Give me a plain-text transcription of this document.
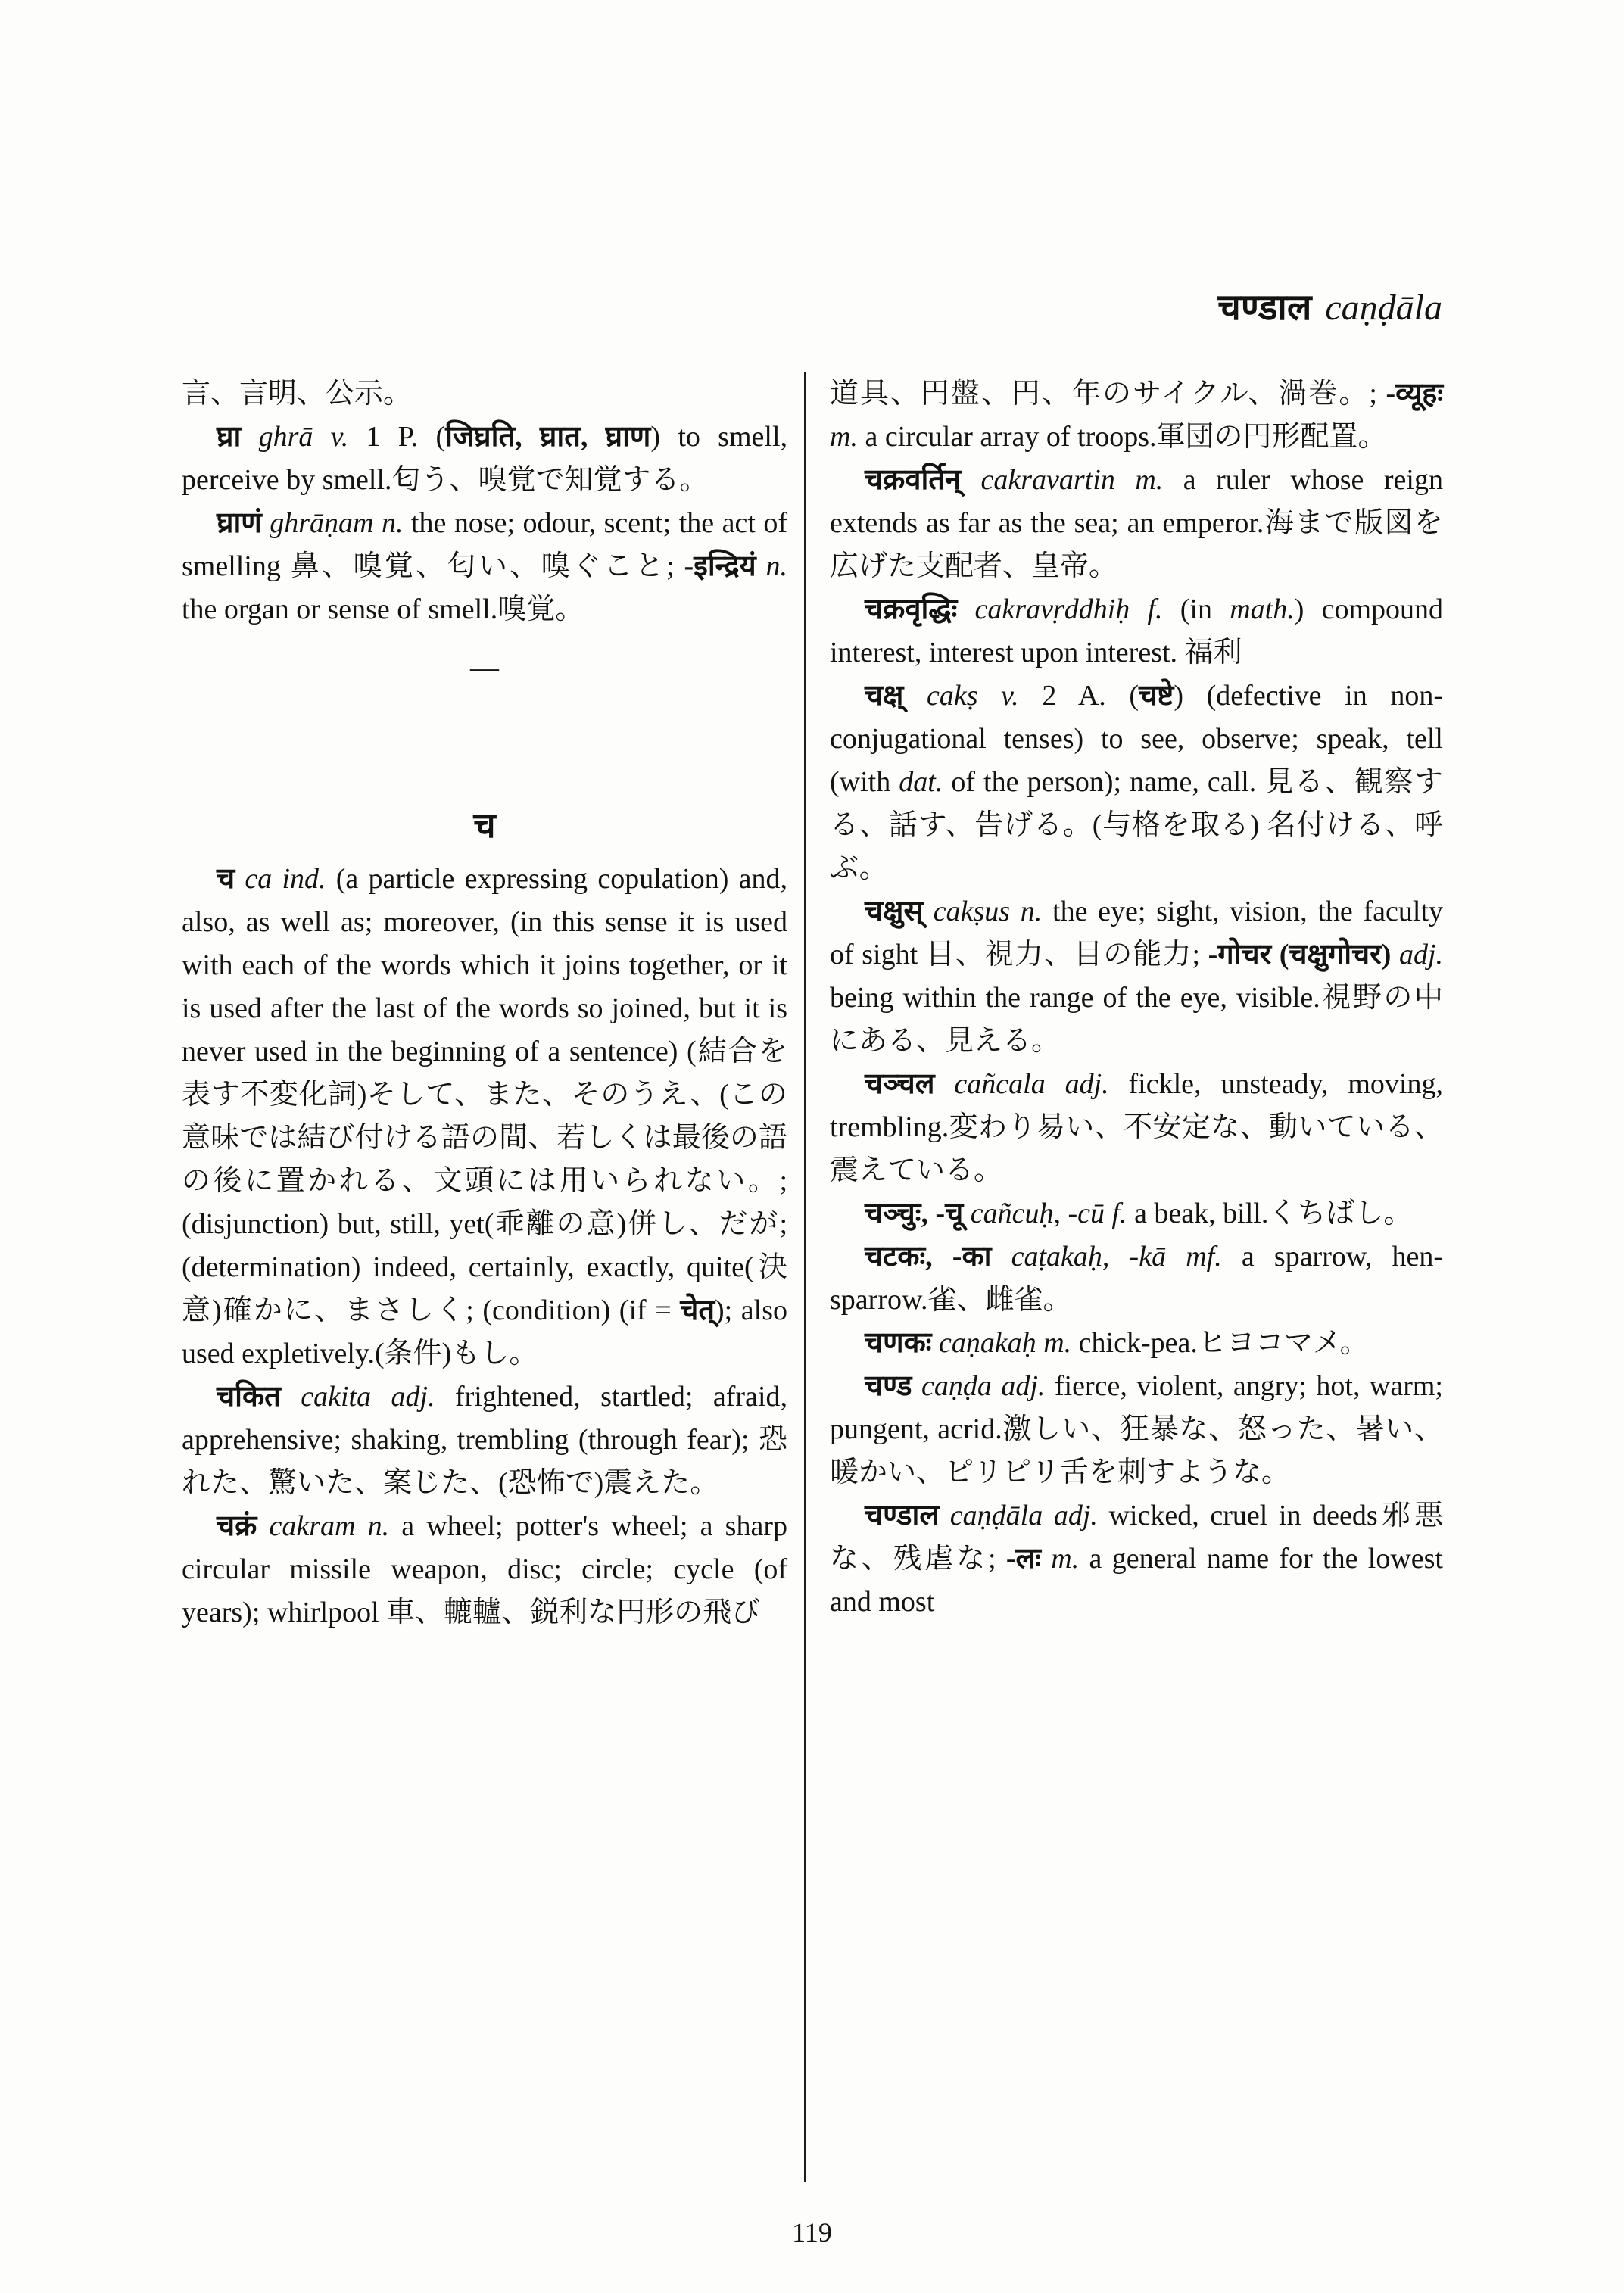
चण्डाल caṇḍāla

言、言明、公示。

घ्रा ghrā v. 1 P. (जिघ्रति, घ्रात, घ्राण) to smell, perceive by smell.匂う、嗅覚で知覚する。

घ्राणं ghrāṇam n. the nose; odour, scent; the act of smelling 鼻、嗅覚、匂い、嗅ぐこと; -इन्द्रियं n. the organ or sense of smell.嗅覚。

—

च

च ca ind. (a particle expressing copulation) and, also, as well as; moreover, (in this sense it is used with each of the words which it joins together, or it is used after the last of the words so joined, but it is never used in the beginning of a sentence) (結合を表す不変化詞)そして、また、そのうえ、(この意味では結び付ける語の間、若しくは最後の語の後に置かれる、文頭には用いられない。; (disjunction) but, still, yet(乖離の意)併し、だが; (determination) indeed, certainly, exactly, quite(決意)確かに、まさしく; (condition) (if = चेत्); also used expletively.(条件)もし。

चकित cakita adj. frightened, startled; afraid, apprehensive; shaking, trembling (through fear); 恐れた、驚いた、案じた、(恐怖で)震えた。

चक्रं cakram n. a wheel; potter's wheel; a sharp circular missile weapon, disc; circle; cycle (of years); whirlpool 車、轆轤、鋭利な円形の飛び

道具、円盤、円、年のサイクル、渦巻。; -व्यूहः m. a circular array of troops.軍団の円形配置。

चक्रवर्तिन् cakravartin m. a ruler whose reign extends as far as the sea; an emperor.海まで版図を広げた支配者、皇帝。

चक्रवृद्धिः cakravṛddhiḥ f. (in math.) compound interest, interest upon interest. 福利

चक्ष् cakṣ v. 2 A. (चष्टे) (defective in non-conjugational tenses) to see, observe; speak, tell (with dat. of the person); name, call. 見る、観察する、話す、告げる。(与格を取る) 名付ける、呼ぶ。

चक्षुस् cakṣus n. the eye; sight, vision, the faculty of sight 目、視力、目の能力; -गोचर (चक्षुगोचर) adj. being within the range of the eye, visible.視野の中にある、見える。

चञ्चल cañcala adj. fickle, unsteady, moving, trembling.変わり易い、不安定な、動いている、震えている。

चञ्चुः, -चू cañcuḥ, -cū f. a beak, bill.くちばし。

चटकः, -का caṭakaḥ, -kā mf. a sparrow, hen-sparrow.雀、雌雀。

चणकः caṇakaḥ m. chick-pea.ヒヨコマメ。

चण्ड caṇḍa adj. fierce, violent, angry; hot, warm; pungent, acrid.激しい、狂暴な、怒った、暑い、暖かい、ピリピリ舌を刺すような。

चण्डाल caṇḍāla adj. wicked, cruel in deeds邪悪な、残虐な; -लः m. a general name for the lowest and most

119
